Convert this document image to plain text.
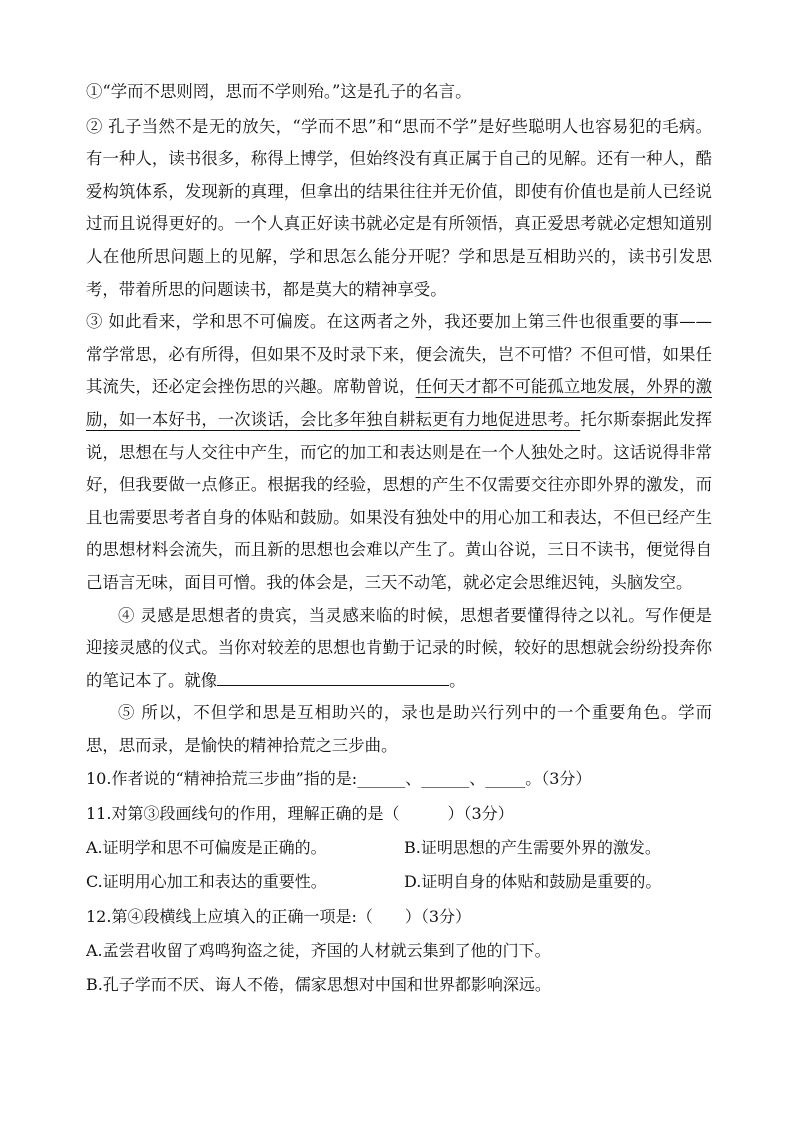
①“学而不思则罔，思而不学则殆。”这是孔子的名言。

② 孔子当然不是无的放矢，“学而不思”和“思而不学”是好些聪明人也容易犯的毛病。有一种人，读书很多，称得上博学，但始终没有真正属于自己的见解。还有一种人，酷爱构筑体系，发现新的真理，但拿出的结果往往并无价值，即使有价值也是前人已经说过而且说得更好的。一个人真正好读书就必定是有所领悟，真正爱思考就必定想知道别人在他所思问题上的见解，学和思怎么能分开呢？学和思是互相助兴的，读书引发思考，带着所思的问题读书，都是莫大的精神享受。

③ 如此看来，学和思不可偏废。在这两者之外，我还要加上第三件也很重要的事——常学常思，必有所得，但如果不及时录下来，便会流失，岂不可惜？不但可惜，如果任其流失，还必定会挫伤思的兴趣。席勒曾说，任何天才都不可能孤立地发展，外界的激励，如一本好书，一次谈话，会比多年独自耕耘更有力地促进思考。托尔斯泰据此发挥说，思想在与人交往中产生，而它的加工和表达则是在一个人独处之时。这话说得非常好，但我要做一点修正。根据我的经验，思想的产生不仅需要交往亦即外界的激发，而且也需要思考者自身的体贴和鼓励。如果没有独处中的用心加工和表达，不但已经产生的思想材料会流失，而且新的思想也会难以产生了。黄山谷说，三日不读书，便觉得自己语言无味，面目可憎。我的体会是，三天不动笔，就必定会思维迟钝，头脑发空。

④ 灵感是思想者的贵宾，当灵感来临的时候，思想者要懂得待之以礼。写作便是迎接灵感的仪式。当你对较差的思想也肯勤于记录的时候，较好的思想就会纷纷投奔你的笔记本了。就像	。

⑤ 所以，不但学和思是互相助兴的，录也是助兴行列中的一个重要角色。学而思，思而录，是愉快的精神拾荒之三步曲。

10.作者说的“精神拾荒三步曲”指的是:______、______、_____。（3分）

11.对第③段画线句的作用，理解正确的是（　　　）（3分）

A.证明学和思不可偏废是正确的。	B.证明思想的产生需要外界的激发。
C.证明用心加工和表达的重要性。	D.证明自身的体贴和鼓励是重要的。

12.第④段横线上应填入的正确一项是:（　　）（3分）

A.孟尝君收留了鸡鸣狗盗之徒，齐国的人材就云集到了他的门下。

B.孔子学而不厌、诲人不倦，儒家思想对中国和世界都影响深远。
